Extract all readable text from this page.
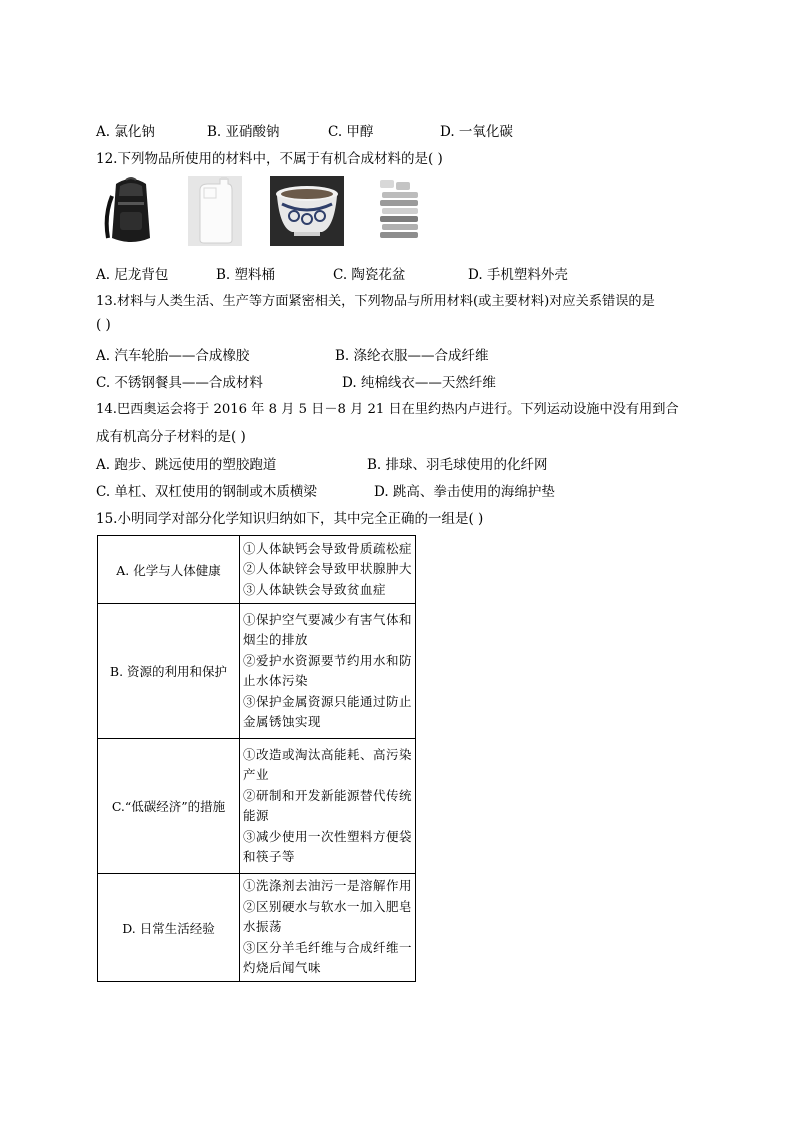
A. 氯化钠	B. 亚硝酸钠	C. 甲醇	D. 一氧化碳
12.下列物品所使用的材料中，不属于有机合成材料的是( )
A. 尼龙背包	B. 塑料桶	C. 陶瓷花盆	D. 手机塑料外壳
13.材料与人类生活、生产等方面紧密相关，下列物品与所用材料(或主要材料)对应关系错误的是
( )
A. 汽车轮胎——合成橡胶	B. 涤纶衣服——合成纤维
C. 不锈钢餐具——合成材料	D. 纯棉线衣——天然纤维
14.巴西奥运会将于 2016 年 8 月 5 日－8 月 21 日在里约热内卢进行。下列运动设施中没有用到合
成有机高分子材料的是( )
A. 跑步、跳远使用的塑胶跑道	B. 排球、羽毛球使用的化纤网
C. 单杠、双杠使用的钢制或木质横梁	D. 跳高、拳击使用的海绵护垫
15.小明同学对部分化学知识归纳如下，其中完全正确的一组是( )
A. 化学与人体健康	①人体缺钙会导致骨质疏松症
②人体缺锌会导致甲状腺肿大
③人体缺铁会导致贫血症

B. 资源的利用和保护	①保护空气要减少有害气体和烟尘的排放
②爱护水资源要节约用水和防止水体污染
③保护金属资源只能通过防止金属锈蚀实现

C.“低碳经济”的措施	①改造或淘汰高能耗、高污染产业
②研制和开发新能源替代传统能源
③减少使用一次性塑料方便袋和筷子等

D. 日常生活经验	①洗涤剂去油污一是溶解作用
②区别硬水与软水一加入肥皂水振荡
③区分羊毛纤维与合成纤维一灼烧后闻气味
